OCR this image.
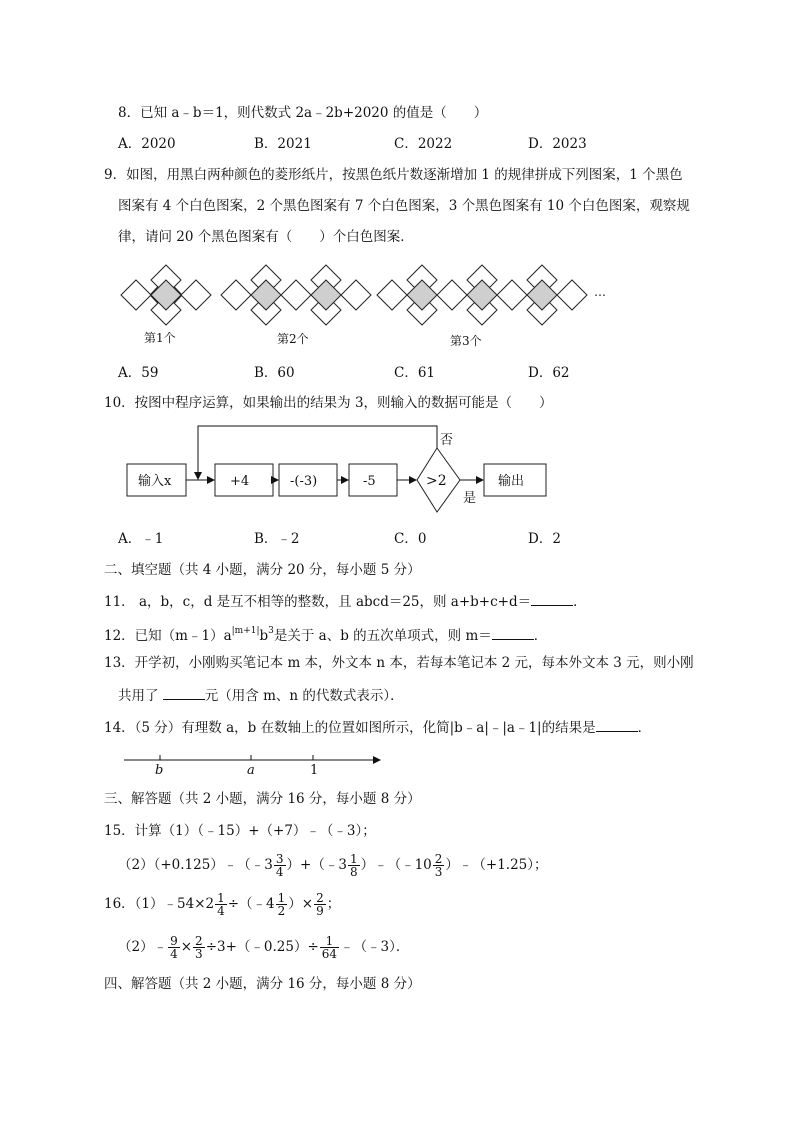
8．已知 a﹣b＝1，则代数式 2a﹣2b+2020 的值是（　　）
A．2020	B．2021	C．2022	D．2023
9．如图，用黑白两种颜色的菱形纸片，按黑色纸片数逐渐增加 1 的规律拼成下列图案，1 个黑色
图案有 4 个白色图案，2 个黑色图案有 7 个白色图案，3 个黑色图案有 10 个白色图案，观察规
律，请问 20 个黑色图案有（　　）个白色图案．
第1个	第2个	第3个
…
A．59	B．60	C．61	D．62
10．按图中程序运算，如果输出的结果为 3，则输入的数据可能是（　　）
输入x	+4	-(-3)	-5	>2	输出
否
是
A．﹣1	B．﹣2	C．0	D．2
二、填空题（共 4 小题，满分 20 分，每小题 5 分）
11． a，b，c，d 是互不相等的整数，且 abcd＝25，则 a+b+c+d＝	．
12．已知$(m﹣1)a^{|m+1|}b^3$是关于 a、b 的五次单项式，则 m＝	．
13．开学初，小刚购买笔记本 m 本，外文本 n 本，若每本笔记本 2 元，每本外文本 3 元，则小刚
共用了	元（用含 m、n 的代数式表示）．
14．（5 分）有理数 a，b 在数轴上的位置如图所示，化简|b﹣a|﹣|a﹣1|的结果是	．
b	a	1
三、解答题（共 2 小题，满分 16 分，每小题 8 分）
15．计算（1）（﹣15）+（+7）﹣（﹣3）；
（2）（+0.125）﹣（﹣3 $\frac{3}{4}$ ）+（﹣3 $\frac{1}{8}$ ）﹣（﹣10 $\frac{2}{3}$ ）﹣（+1.25）；
16．（1）﹣54×2 $\frac{1}{4}$ ÷（﹣4 $\frac{1}{2}$ ）× $\frac{2}{9}$ ；
（2）﹣ $\frac{9}{4} \times \frac{2}{3}$ ÷3+（﹣0.25）÷ $\frac{1}{64}$ ﹣（﹣3）．
四、解答题（共 2 小题，满分 16 分，每小题 8 分）
